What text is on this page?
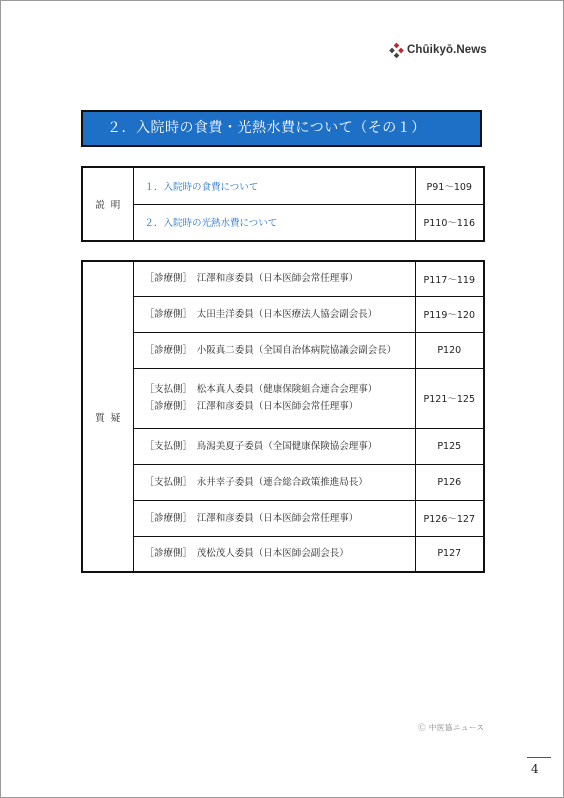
Chūikyō.News
２．入院時の食費・光熱水費について（その１）
説明	１．入院時の食費について	P91～109
	２．入院時の光熱水費について	P110～116
質疑	［診療側］　江澤和彦委員（日本医師会常任理事）	P117～119
	［診療側］　太田圭洋委員（日本医療法人協会副会長）	P119～120
	［診療側］　小阪真二委員（全国自治体病院協議会副会長）	P120

	［支払側］　松本真人委員（健康保険組合連合会理事）
［診療側］　江澤和彦委員（日本医師会常任理事）	P121～125
	［支払側］　鳥潟美夏子委員（全国健康保険協会理事）	P125
	［支払側］　永井幸子委員（連合総合政策推進局長）	P126
	［診療側］　江澤和彦委員（日本医師会常任理事）	P126～127
	［診療側］　茂松茂人委員（日本医師会副会長）	P127
Ⓒ 中医協ニュース
4
